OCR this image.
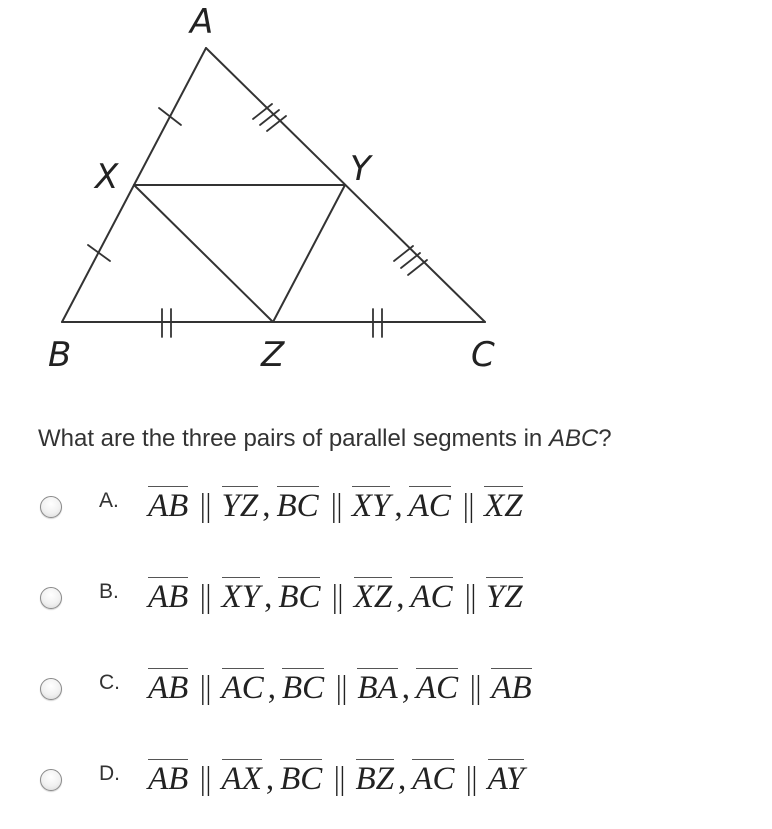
A
X	Y
B	Z	C
What are the three pairs of parallel segments in ABC?
A. AB || YZ , BC || XY , AC || XZ
B. AB || XY , BC || XZ , AC || YZ
C. AB || AC , BC || BA , AC || AB
D. AB || AX , BC || BZ , AC || AY
